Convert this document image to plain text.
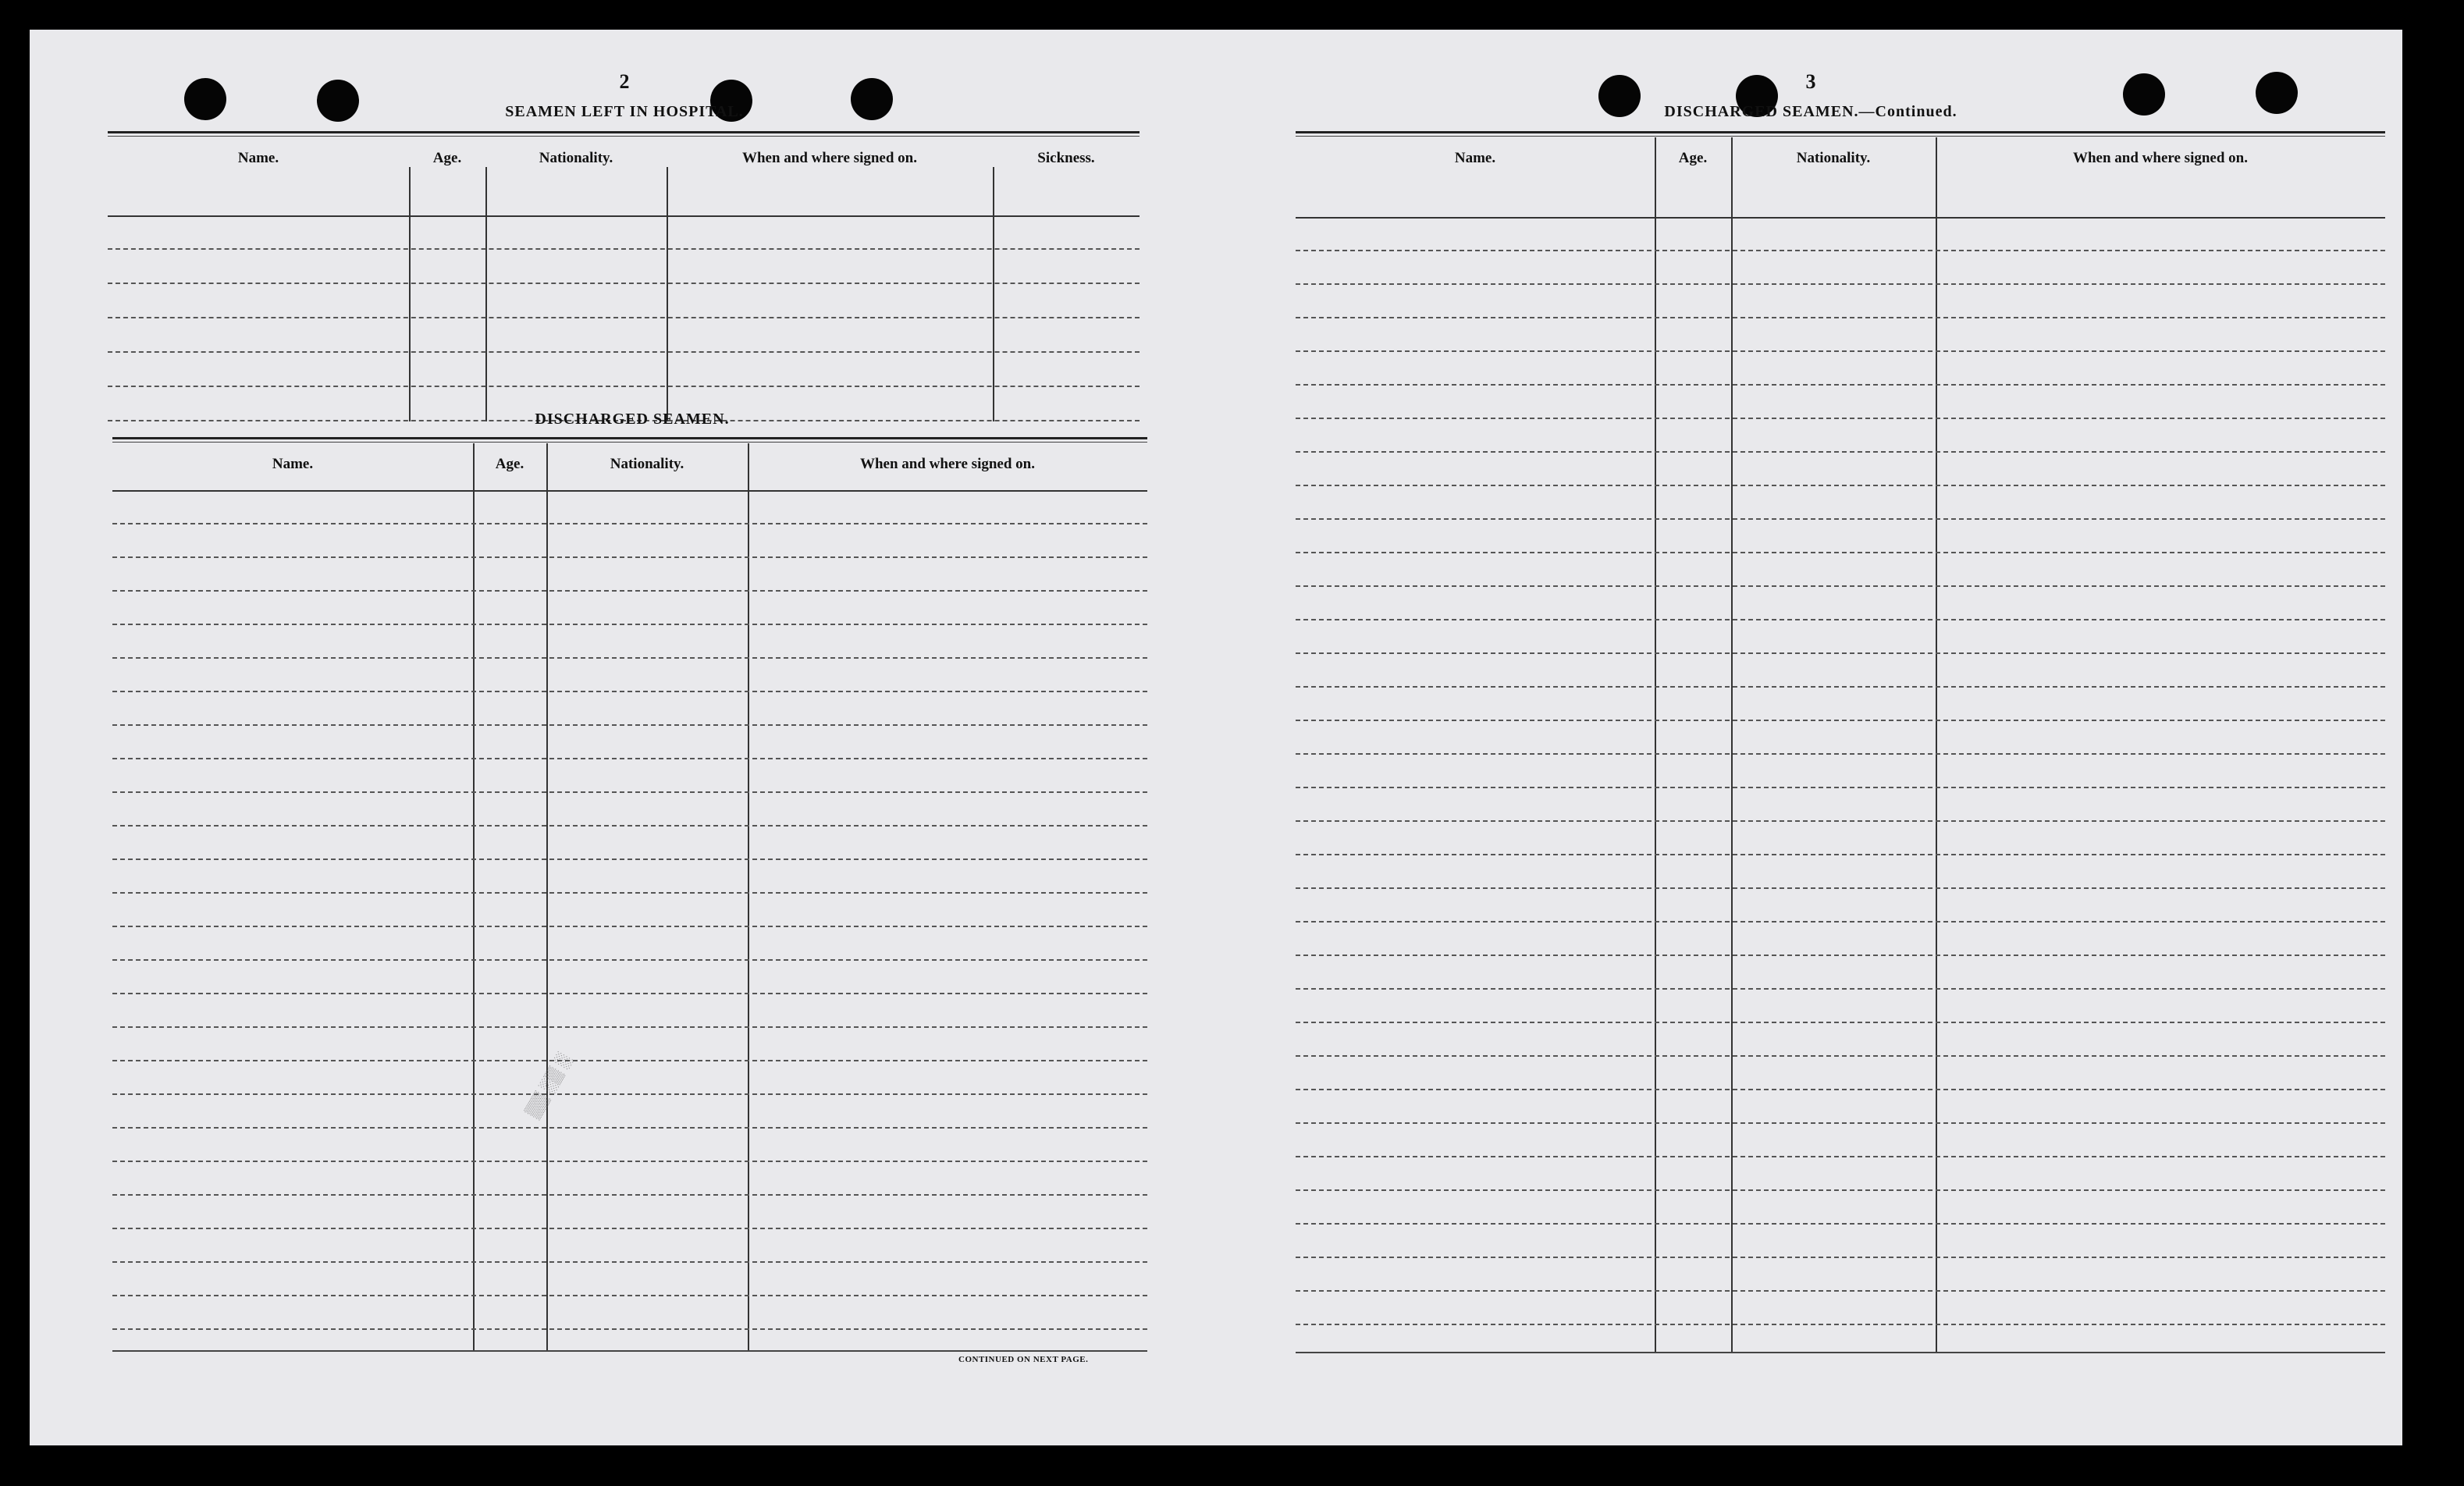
2
SEAMEN LEFT IN HOSPITAL.
Name.	Age.	Nationality.	When and where signed on.	Sickness.
DISCHARGED SEAMEN.
Name.	Age.	Nationality.	When and where signed on.
CONTINUED ON NEXT PAGE.
▒▒ ░▒ ░
3
DISCHARGED SEAMEN.—Continued.
Name.	Age.	Nationality.	When and where signed on.
